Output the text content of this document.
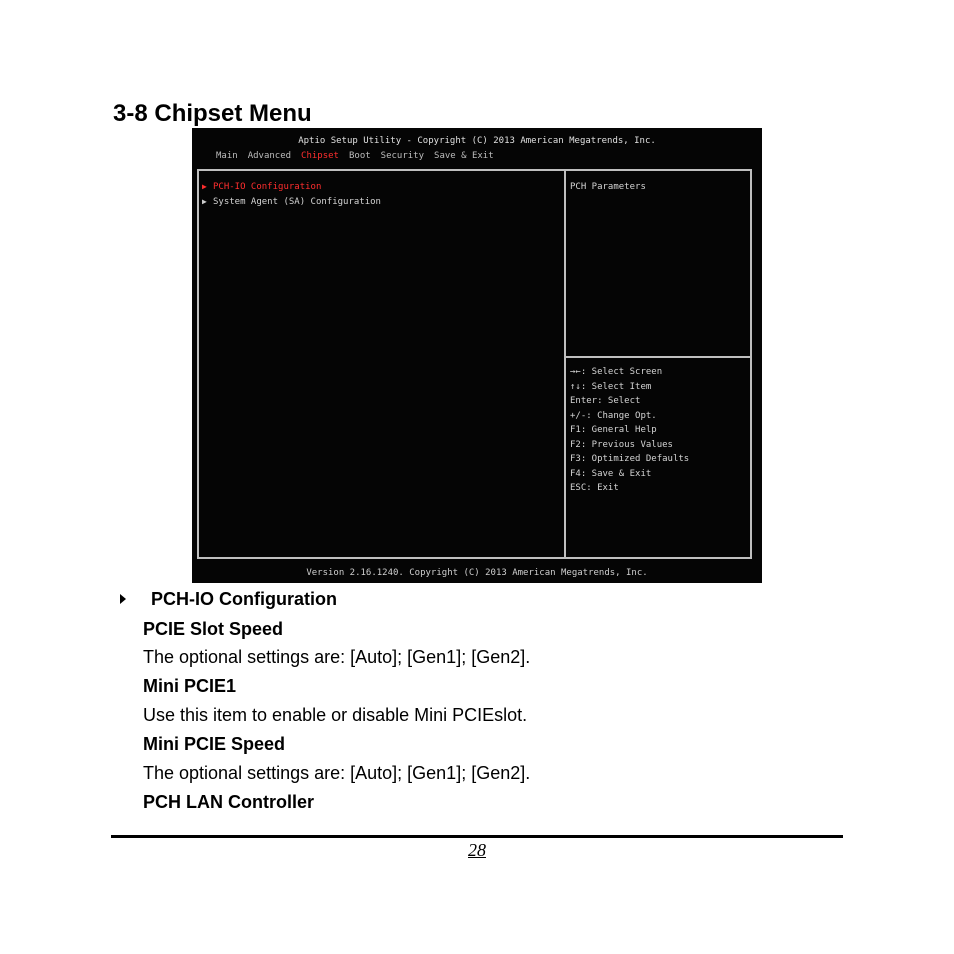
3-8 Chipset Menu
Aptio Setup Utility - Copyright (C) 2013 American Megatrends, Inc.
Main Advanced Chipset Boot Security Save & Exit
▶ PCH-IO Configuration
▶ System Agent (SA) Configuration
PCH Parameters
→←: Select Screen
↑↓: Select Item
Enter: Select
+/-: Change Opt.
F1: General Help
F2: Previous Values
F3: Optimized Defaults
F4: Save & Exit
ESC: Exit
Version 2.16.1240. Copyright (C) 2013 American Megatrends, Inc.
PCH-IO Configuration

PCIE Slot Speed

The optional settings are: [Auto]; [Gen1]; [Gen2].

Mini PCIE1

Use this item to enable or disable Mini PCIEslot.

Mini PCIE Speed

The optional settings are: [Auto]; [Gen1]; [Gen2].

PCH LAN Controller

28
